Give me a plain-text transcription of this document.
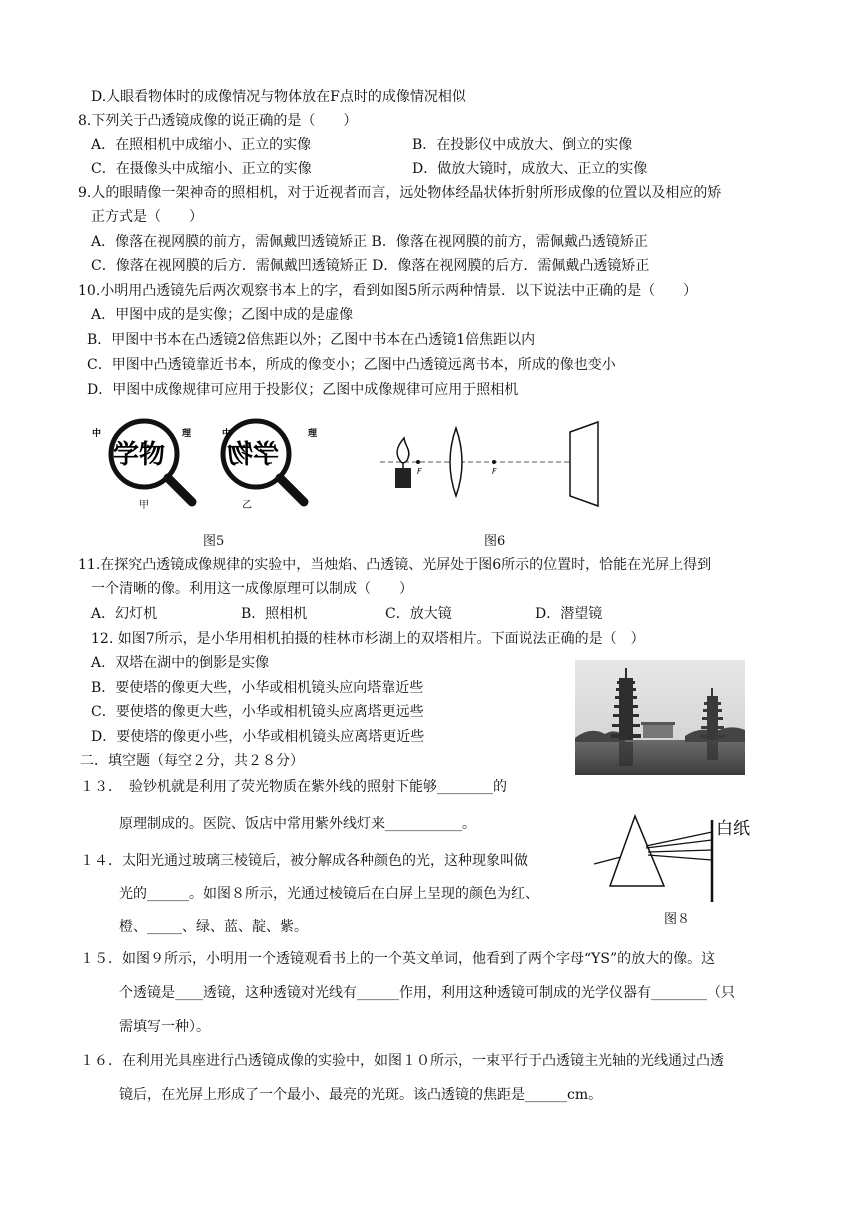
D.人眼看物体时的成像情况与物体放在F点时的成像情况相似
8.下列关于凸透镜成像的说正确的是（　　）
A．在照相机中成缩小、正立的实像	B．在投影仪中成放大、倒立的实像
C．在摄像头中成缩小、正立的实像	D．做放大镜时，成放大、正立的实像
9.人的眼睛像一架神奇的照相机，对于近视者而言，远处物体经晶状体折射所形成像的位置以及相应的矫
正方式是（　　）
A．像落在视网膜的前方，需佩戴凹透镜矫正 B．像落在视网膜的前方，需佩戴凸透镜矫正
C．像落在视网膜的后方．需佩戴凹透镜矫正 D．像落在视网膜的后方．需佩戴凸透镜矫正
10.小明用凸透镜先后两次观察书本上的字，看到如图5所示两种情景．以下说法中正确的是（　　）
A．甲图中成的是实像；乙图中成的是虚像
B．甲图中书本在凸透镜2倍焦距以外；乙图中书本在凸透镜1倍焦距以内
C．甲图中凸透镜靠近书本，所成的像变小；乙图中凸透镜远离书本，所成的像也变小
D．甲图中成像规律可应用于投影仪；乙图中成像规律可应用于照相机
中	理
学物
甲
中	理
学物
乙
图5
F	F
图6
11.在探究凸透镜成像规律的实验中，当烛焰、凸透镜、光屏处于图6所示的位置时，恰能在光屏上得到
一个清晰的像。利用这一成像原理可以制成（　　）
A．幻灯机	B．照相机	C．放大镜	D．潜望镜
12. 如图7所示，是小华用相机拍摄的桂林市杉湖上的双塔相片。下面说法正确的是（　）
A．双塔在湖中的倒影是实像
B．要使塔的像更大些，小华或相机镜头应向塔靠近些
C．要使塔的像更大些，小华或相机镜头应离塔更远些
D．要使塔的像更小些，小华或相机镜头应离塔更近些
二．填空题（每空２分，共２８分）
１３．　验钞机就是利用了荧光物质在紫外线的照射下能够________的
原理制成的。医院、饭店中常用紫外线灯来___________。
１４．太阳光通过玻璃三棱镜后，被分解成各种颜色的光，这种现象叫做
光的______。如图８所示，光通过棱镜后在白屏上呈现的颜色为红、
橙、_____、绿、蓝、靛、紫。
白纸
图８
１５．如图９所示，小明用一个透镜观看书上的一个英文单词，他看到了两个字母“YS”的放大的像。这
个透镜是____透镜，这种透镜对光线有______作用，利用这种透镜可制成的光学仪器有________（只
需填写一种）。
１６．在利用光具座进行凸透镜成像的实验中，如图１０所示，一束平行于凸透镜主光轴的光线通过凸透
镜后，在光屏上形成了一个最小、最亮的光斑。该凸透镜的焦距是______cm。
